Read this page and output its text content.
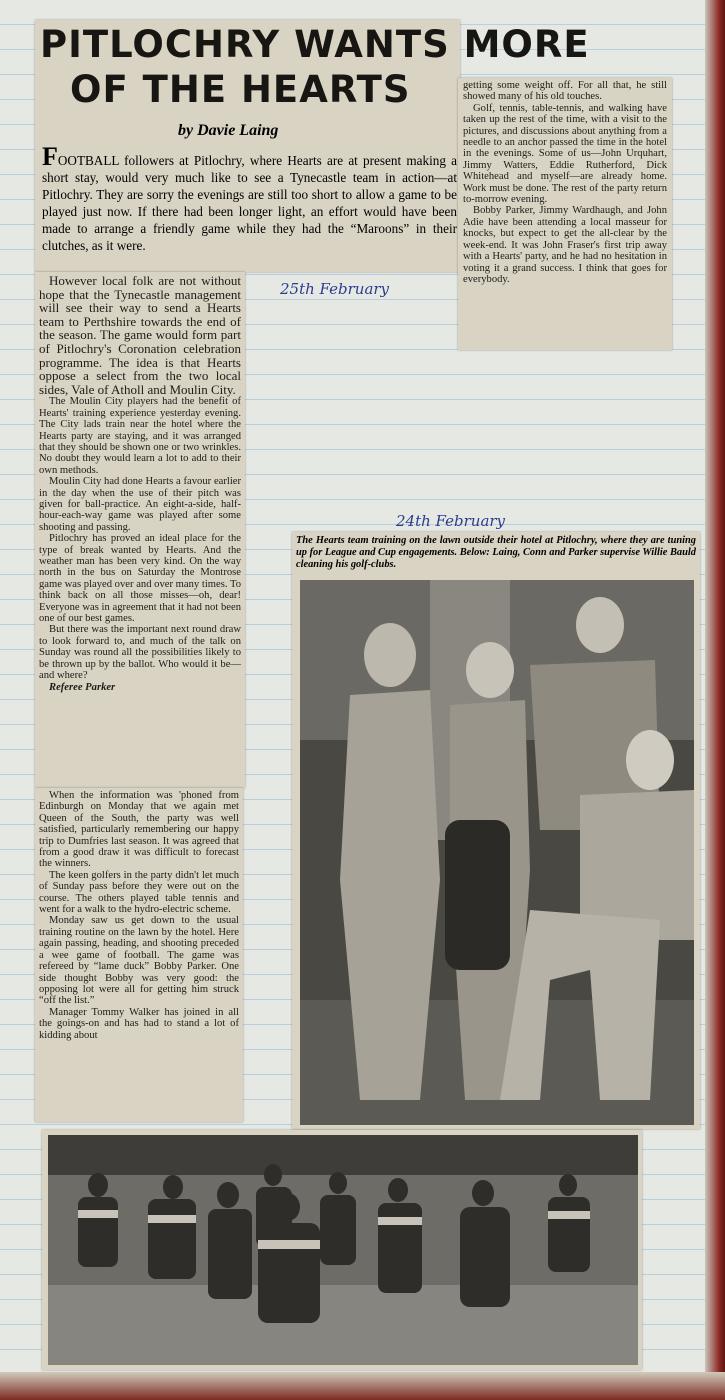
PITLOCHRY WANTS MORE
OF THE HEARTS
by Davie Laing

FOOTBALL followers at Pitlochry, where Hearts are at present making a short stay, would very much like to see a Tynecastle team in action—at Pitlochry. They are sorry the evenings are still too short to allow a game to be played just now. If there had been longer light, an effort would have been made to arrange a friendly game while they had the “Maroons” in their clutches, as it were.

getting some weight off. For all that, he still showed many of his old touches.

Golf, tennis, table-tennis, and walking have taken up the rest of the time, with a visit to the pictures, and discussions about anything from a needle to an anchor passed the time in the hotel in the evenings. Some of us—John Urquhart, Jimmy Watters, Eddie Rutherford, Dick Whitehead and myself—are already home. Work must be done. The rest of the party return to-morrow evening.

Bobby Parker, Jimmy Wardhaugh, and John Adie have been attending a local masseur for knocks, but expect to get the all-clear by the week-end. It was John Fraser's first trip away with a Hearts' party, and he had no hesitation in voting it a grand success. I think that goes for everybody.

However local folk are not without hope that the Tynecastle management will see their way to send a Hearts team to Perthshire towards the end of the season. The game would form part of Pitlochry's Coronation celebration programme. The idea is that Hearts oppose a select from the two local sides, Vale of Atholl and Moulin City.

The Moulin City players had the benefit of Hearts' training experience yesterday evening. The City lads train near the hotel where the Hearts party are staying, and it was arranged that they should be shown one or two wrinkles. No doubt they would learn a lot to add to their own methods.

Moulin City had done Hearts a favour earlier in the day when the use of their pitch was given for ball-practice. An eight-a-side, half-hour-each-way game was played after some shooting and passing.

Pitlochry has proved an ideal place for the type of break wanted by Hearts. And the weather man has been very kind. On the way north in the bus on Saturday the Montrose game was played over and over many times. To think back on all those misses—oh, dear! Everyone was in agreement that it had not been one of our best games.

But there was the important next round draw to look forward to, and much of the talk on Sunday was round all the possibilities likely to be thrown up by the ballot. Who would it be—and where?

Referee Parker

When the information was 'phoned from Edinburgh on Monday that we again met Queen of the South, the party was well satisfied, particularly remembering our happy trip to Dumfries last season. It was agreed that from a good draw it was difficult to forecast the winners.

The keen golfers in the party didn't let much of Sunday pass before they were out on the course. The others played table tennis and went for a walk to the hydro-electric scheme.

Monday saw us get down to the usual training routine on the lawn by the hotel. Here again passing, heading, and shooting preceded a wee game of football. The game was refereed by “lame duck” Bobby Parker. One side thought Bobby was very good: the opposing lot were all for getting him struck “off the list.”

Manager Tommy Walker has joined in all the goings-on and has had to stand a lot of kidding about

25th February
24th February

The Hearts team training on the lawn outside their hotel at Pitlochry, where they are tuning up for League and Cup engagements. Below: Laing, Conn and Parker supervise Willie Bauld cleaning his golf-clubs.
